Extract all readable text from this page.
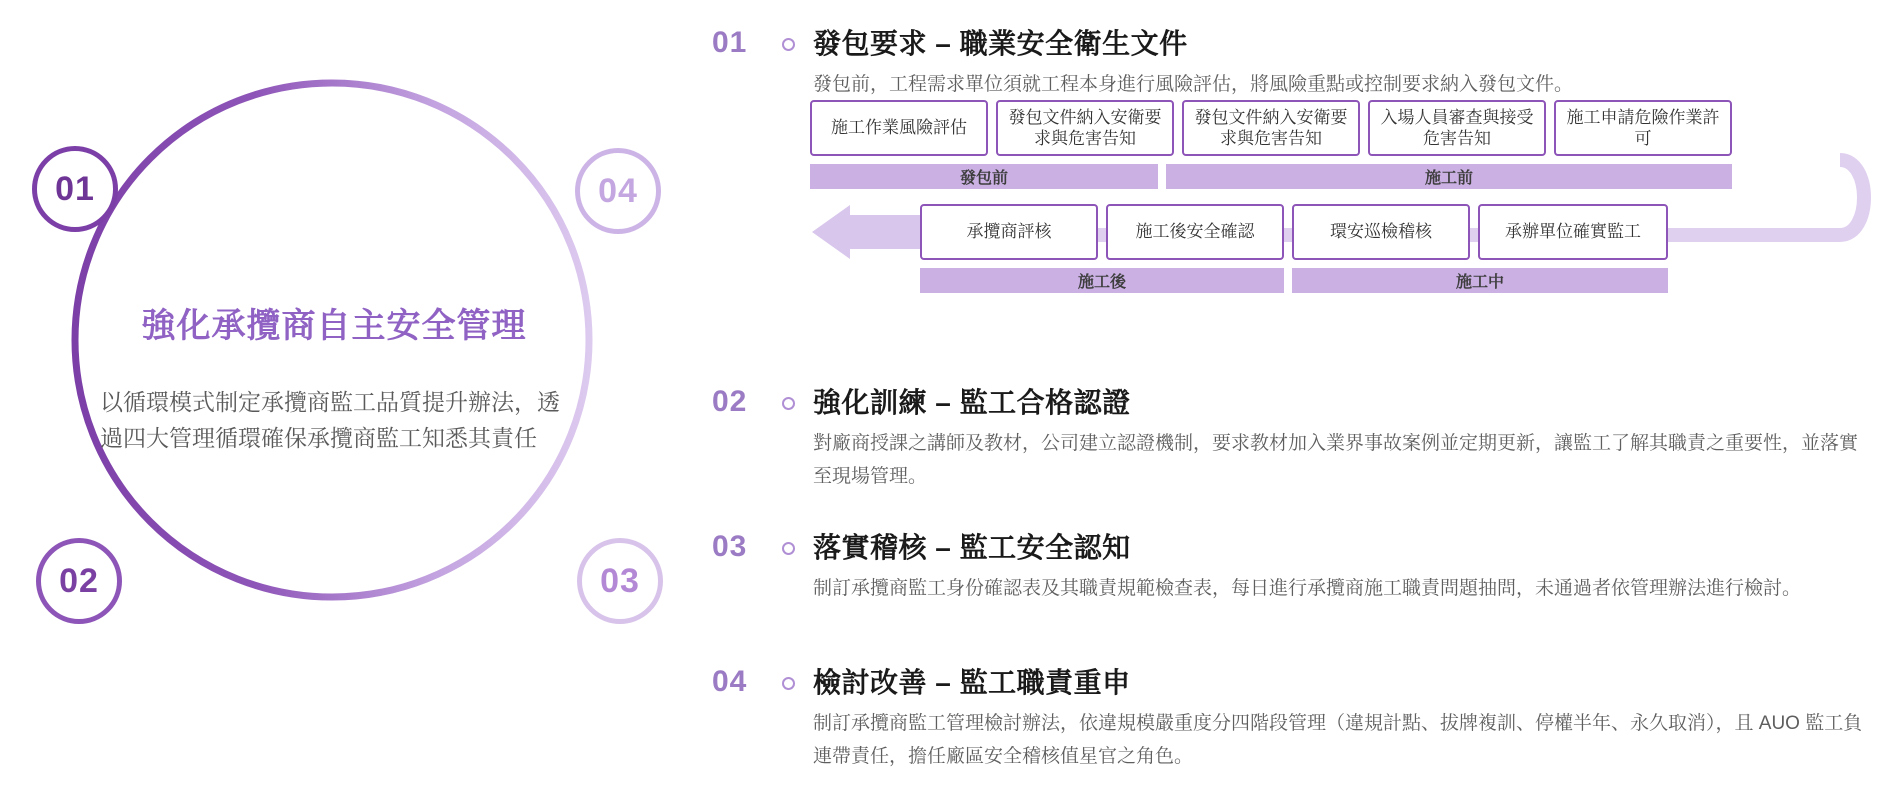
01
02	03
04
強化承攬商自主安全管理
以循環模式制定承攬商監工品質提升辦法，透過四大管理循環確保承攬商監工知悉其責任
01 發包要求 – 職業安全衛生文件
發包前，工程需求單位須就工程本身進行風險評估，將風險重點或控制要求納入發包文件。
施工作業風險評估
發包文件納入安衛要求與危害告知
發包文件納入安衛要求與危害告知
入場人員審查與接受危害告知
施工申請危險作業許可
發包前	施工前
承攬商評核	施工後安全確認	環安巡檢稽核	承辦單位確實監工
施工後	施工中
02 強化訓練 – 監工合格認證
對廠商授課之講師及教材，公司建立認證機制，要求教材加入業界事故案例並定期更新，讓監工了解其職責之重要性，並落實至現場管理。
03 落實稽核 – 監工安全認知
制訂承攬商監工身份確認表及其職責規範檢查表，每日進行承攬商施工職責問題抽問，未通過者依管理辦法進行檢討。
04 檢討改善 – 監工職責重申
制訂承攬商監工管理檢討辦法，依違規模嚴重度分四階段管理（違規計點、拔牌複訓、停權半年、永久取消），且 AUO 監工負連帶責任，擔任廠區安全稽核值星官之角色。
